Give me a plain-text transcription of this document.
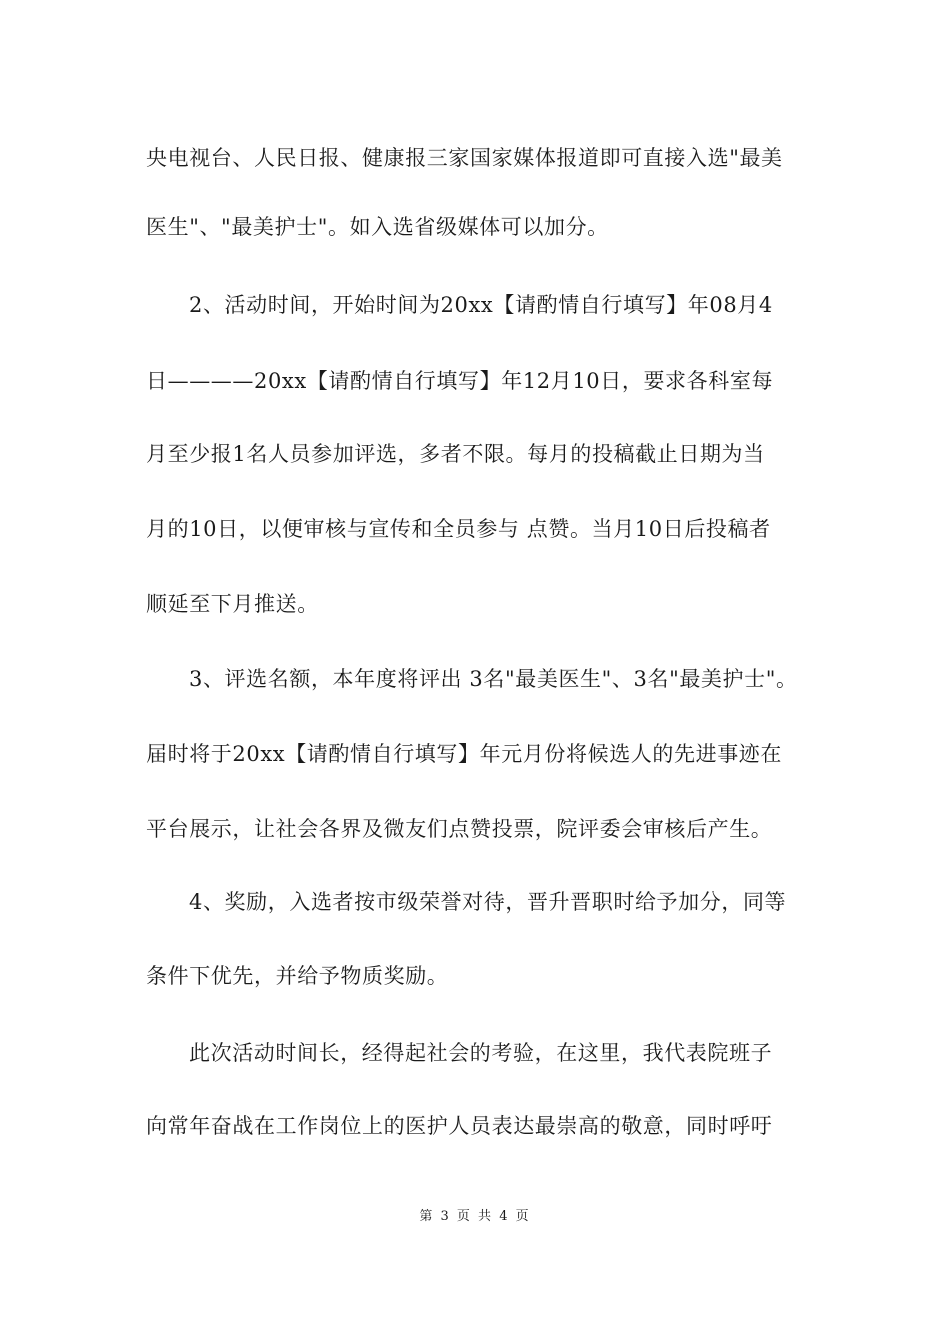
央电视台、人民日报、健康报三家国家媒体报道即可直接入选"最美
医生"、"最美护士"。如入选省级媒体可以加分。
2、活动时间，开始时间为20xx【请酌情自行填写】年08月4
日————20xx【请酌情自行填写】年12月10日，要求各科室每
月至少报1名人员参加评选，多者不限。每月的投稿截止日期为当
月的10日，以便审核与宣传和全员参与 点赞。当月10日后投稿者
顺延至下月推送。
3、评选名额，本年度将评出 3名"最美医生"、3名"最美护士"。
届时将于20xx【请酌情自行填写】年元月份将候选人的先进事迹在
平台展示，让社会各界及微友们点赞投票，院评委会审核后产生。
4、奖励，入选者按市级荣誉对待，晋升晋职时给予加分，同等
条件下优先，并给予物质奖励。
此次活动时间长，经得起社会的考验，在这里，我代表院班子
向常年奋战在工作岗位上的医护人员表达最崇高的敬意，同时呼吁
第 3 页 共 4 页
